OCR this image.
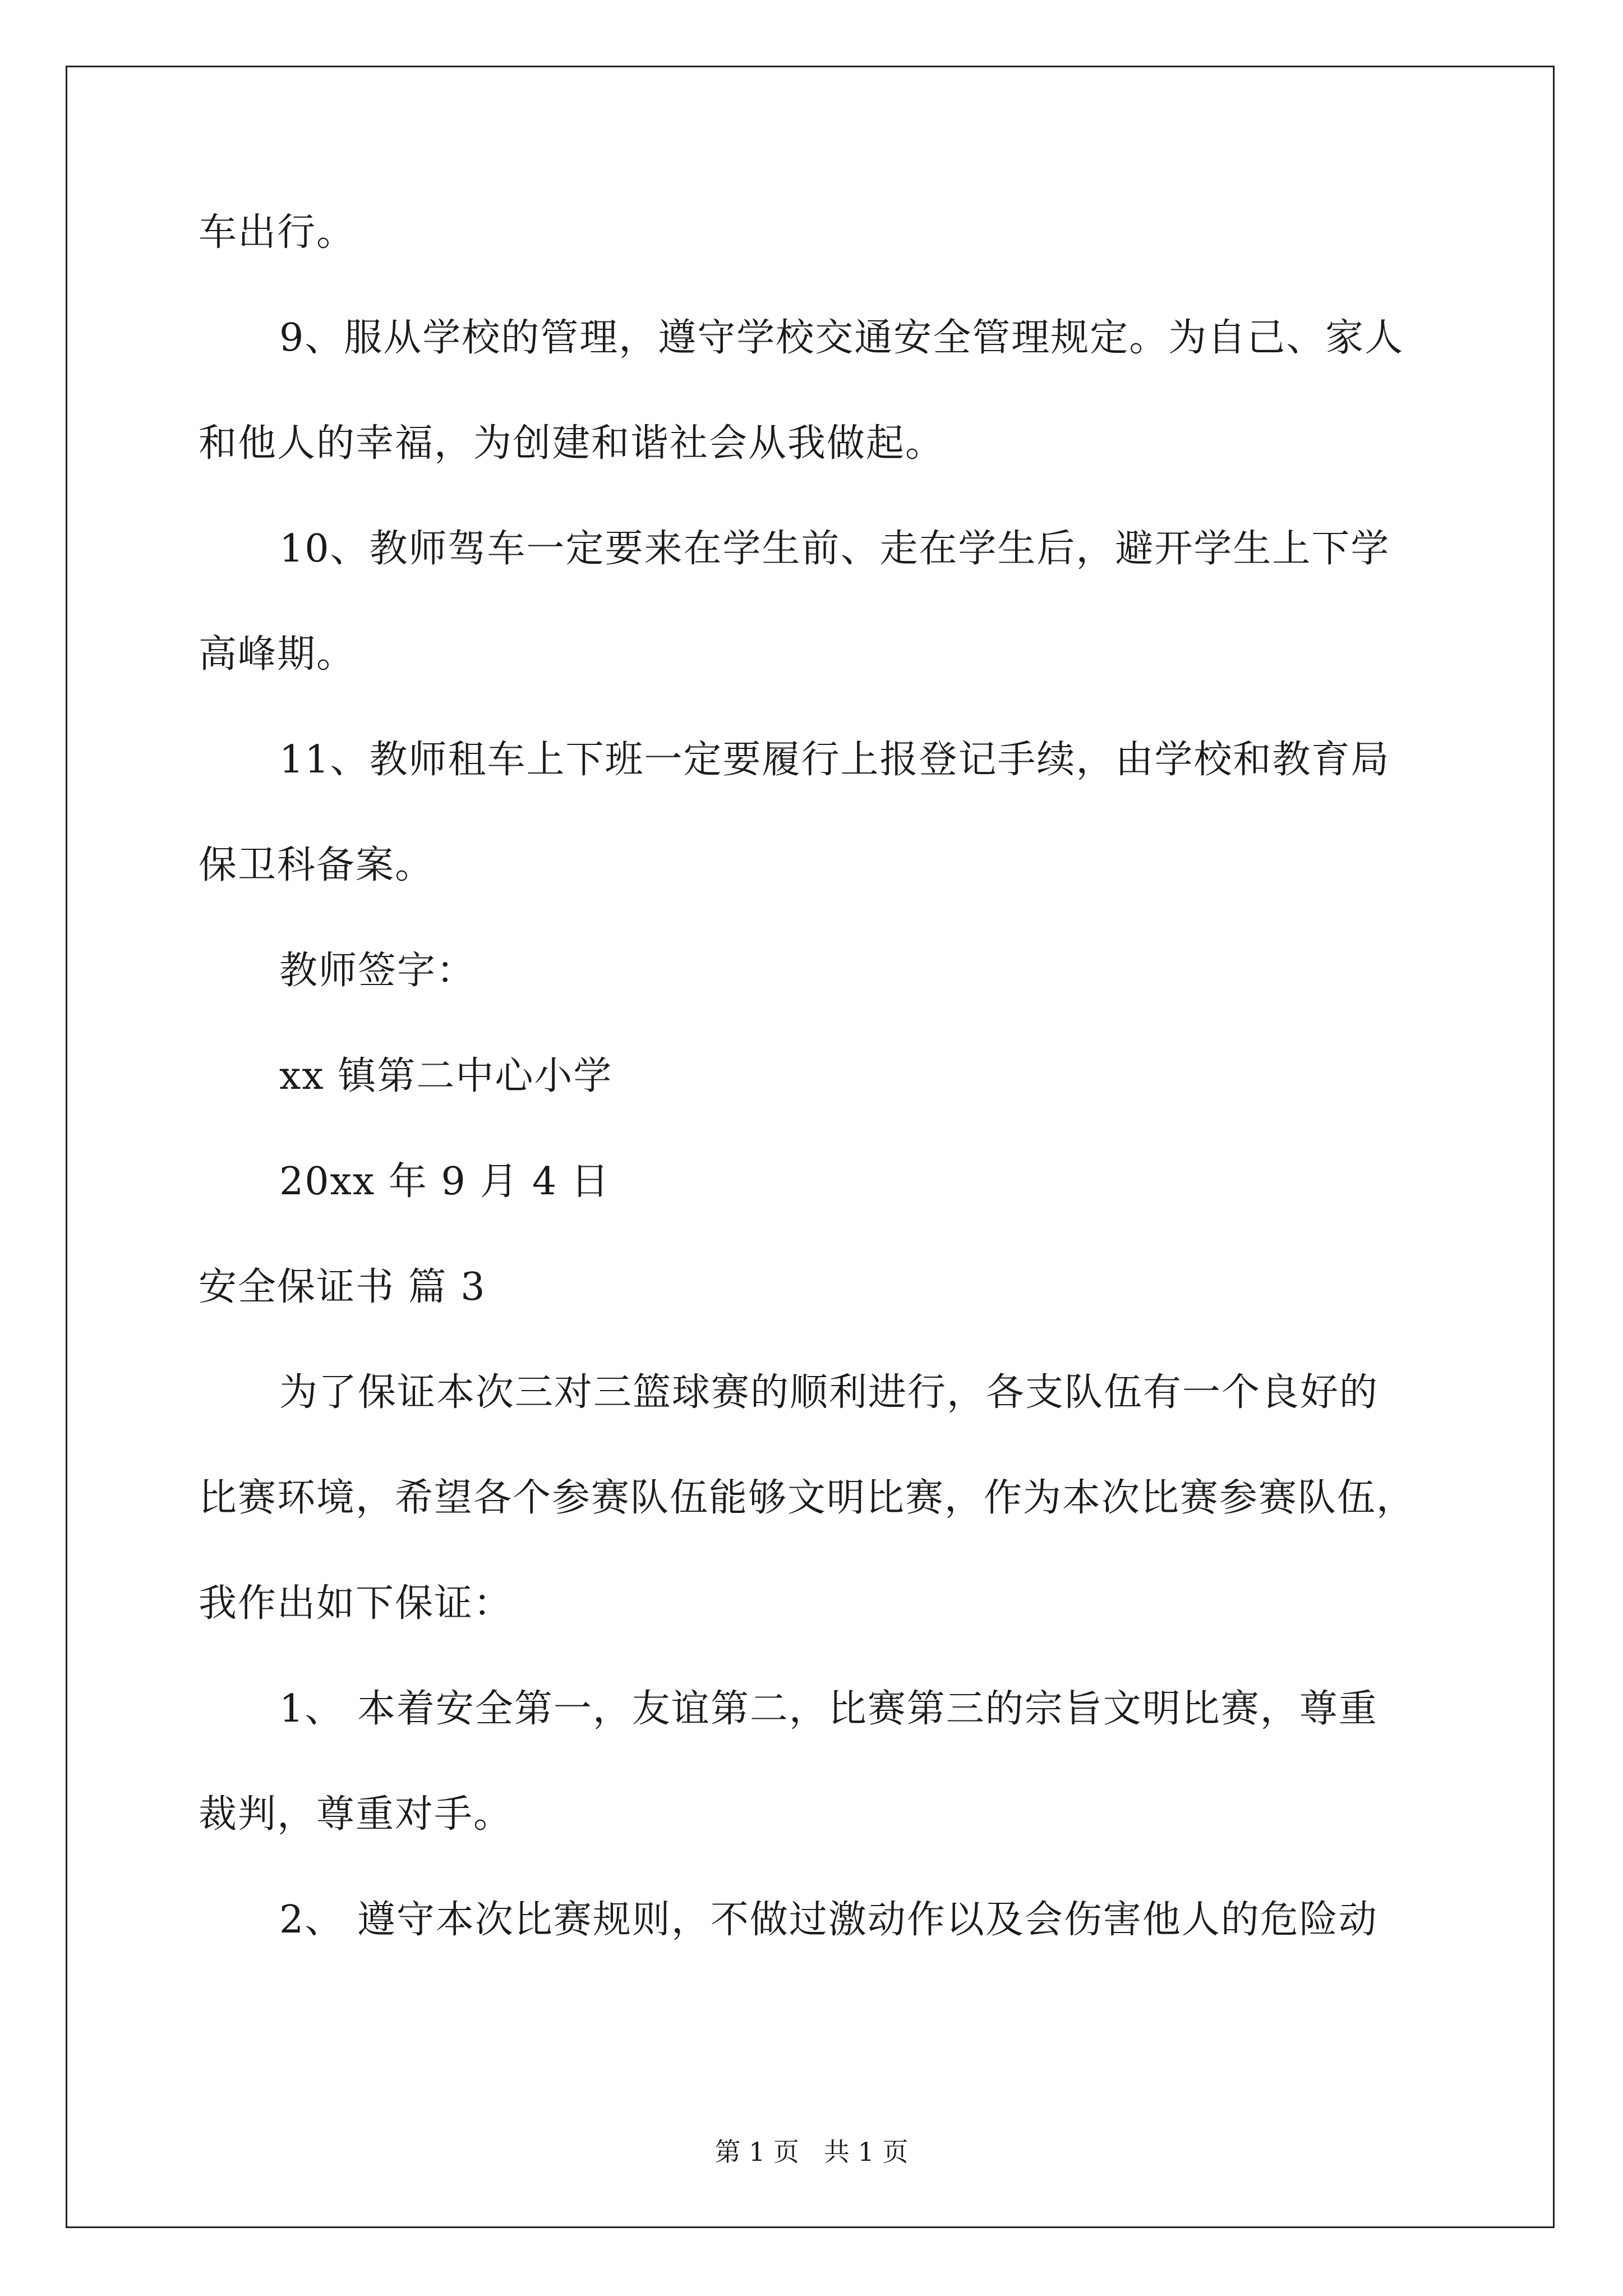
车出行。
9、服从学校的管理，遵守学校交通安全管理规定。为自己、家人
和他人的幸福，为创建和谐社会从我做起。
10、教师驾车一定要来在学生前、走在学生后，避开学生上下学
高峰期。
11、教师租车上下班一定要履行上报登记手续，由学校和教育局
保卫科备案。
教师签字：
xx 镇第二中心小学
20xx 年 9 月 4 日
安全保证书 篇 3
为了保证本次三对三篮球赛的顺利进行，各支队伍有一个良好的
比赛环境，希望各个参赛队伍能够文明比赛，作为本次比赛参赛队伍，
我作出如下保证：
1、 本着安全第一，友谊第二，比赛第三的宗旨文明比赛，尊重
裁判，尊重对手。
2、 遵守本次比赛规则，不做过激动作以及会伤害他人的危险动
第 1 页 共 1 页
